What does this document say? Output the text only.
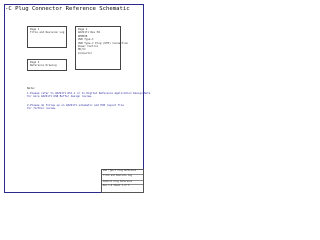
-C Plug Connector Reference Schematic
Page 1
Title and Revision Log
Page 2
AOZ2171 Rev H4
DEMO08
USB Type-C
USB Type-C Plug (UFP) Connection
Power Control
PD/CC
Connector
Page 3
Reference Drawing
Note:
1.Please refer to AOZ2171 DS1.1 or to Digital Reference Application Design Note
for more AOZ2171 USB Buffer design review.
2.Please do follow up on AOZ2171 schematic and PCB layout file
for further review.
USB Type-C Plug Reference
Title and Revision Log
AOZ2171 Plug Reference
Rev 1.0 Sheet 1 of 3
